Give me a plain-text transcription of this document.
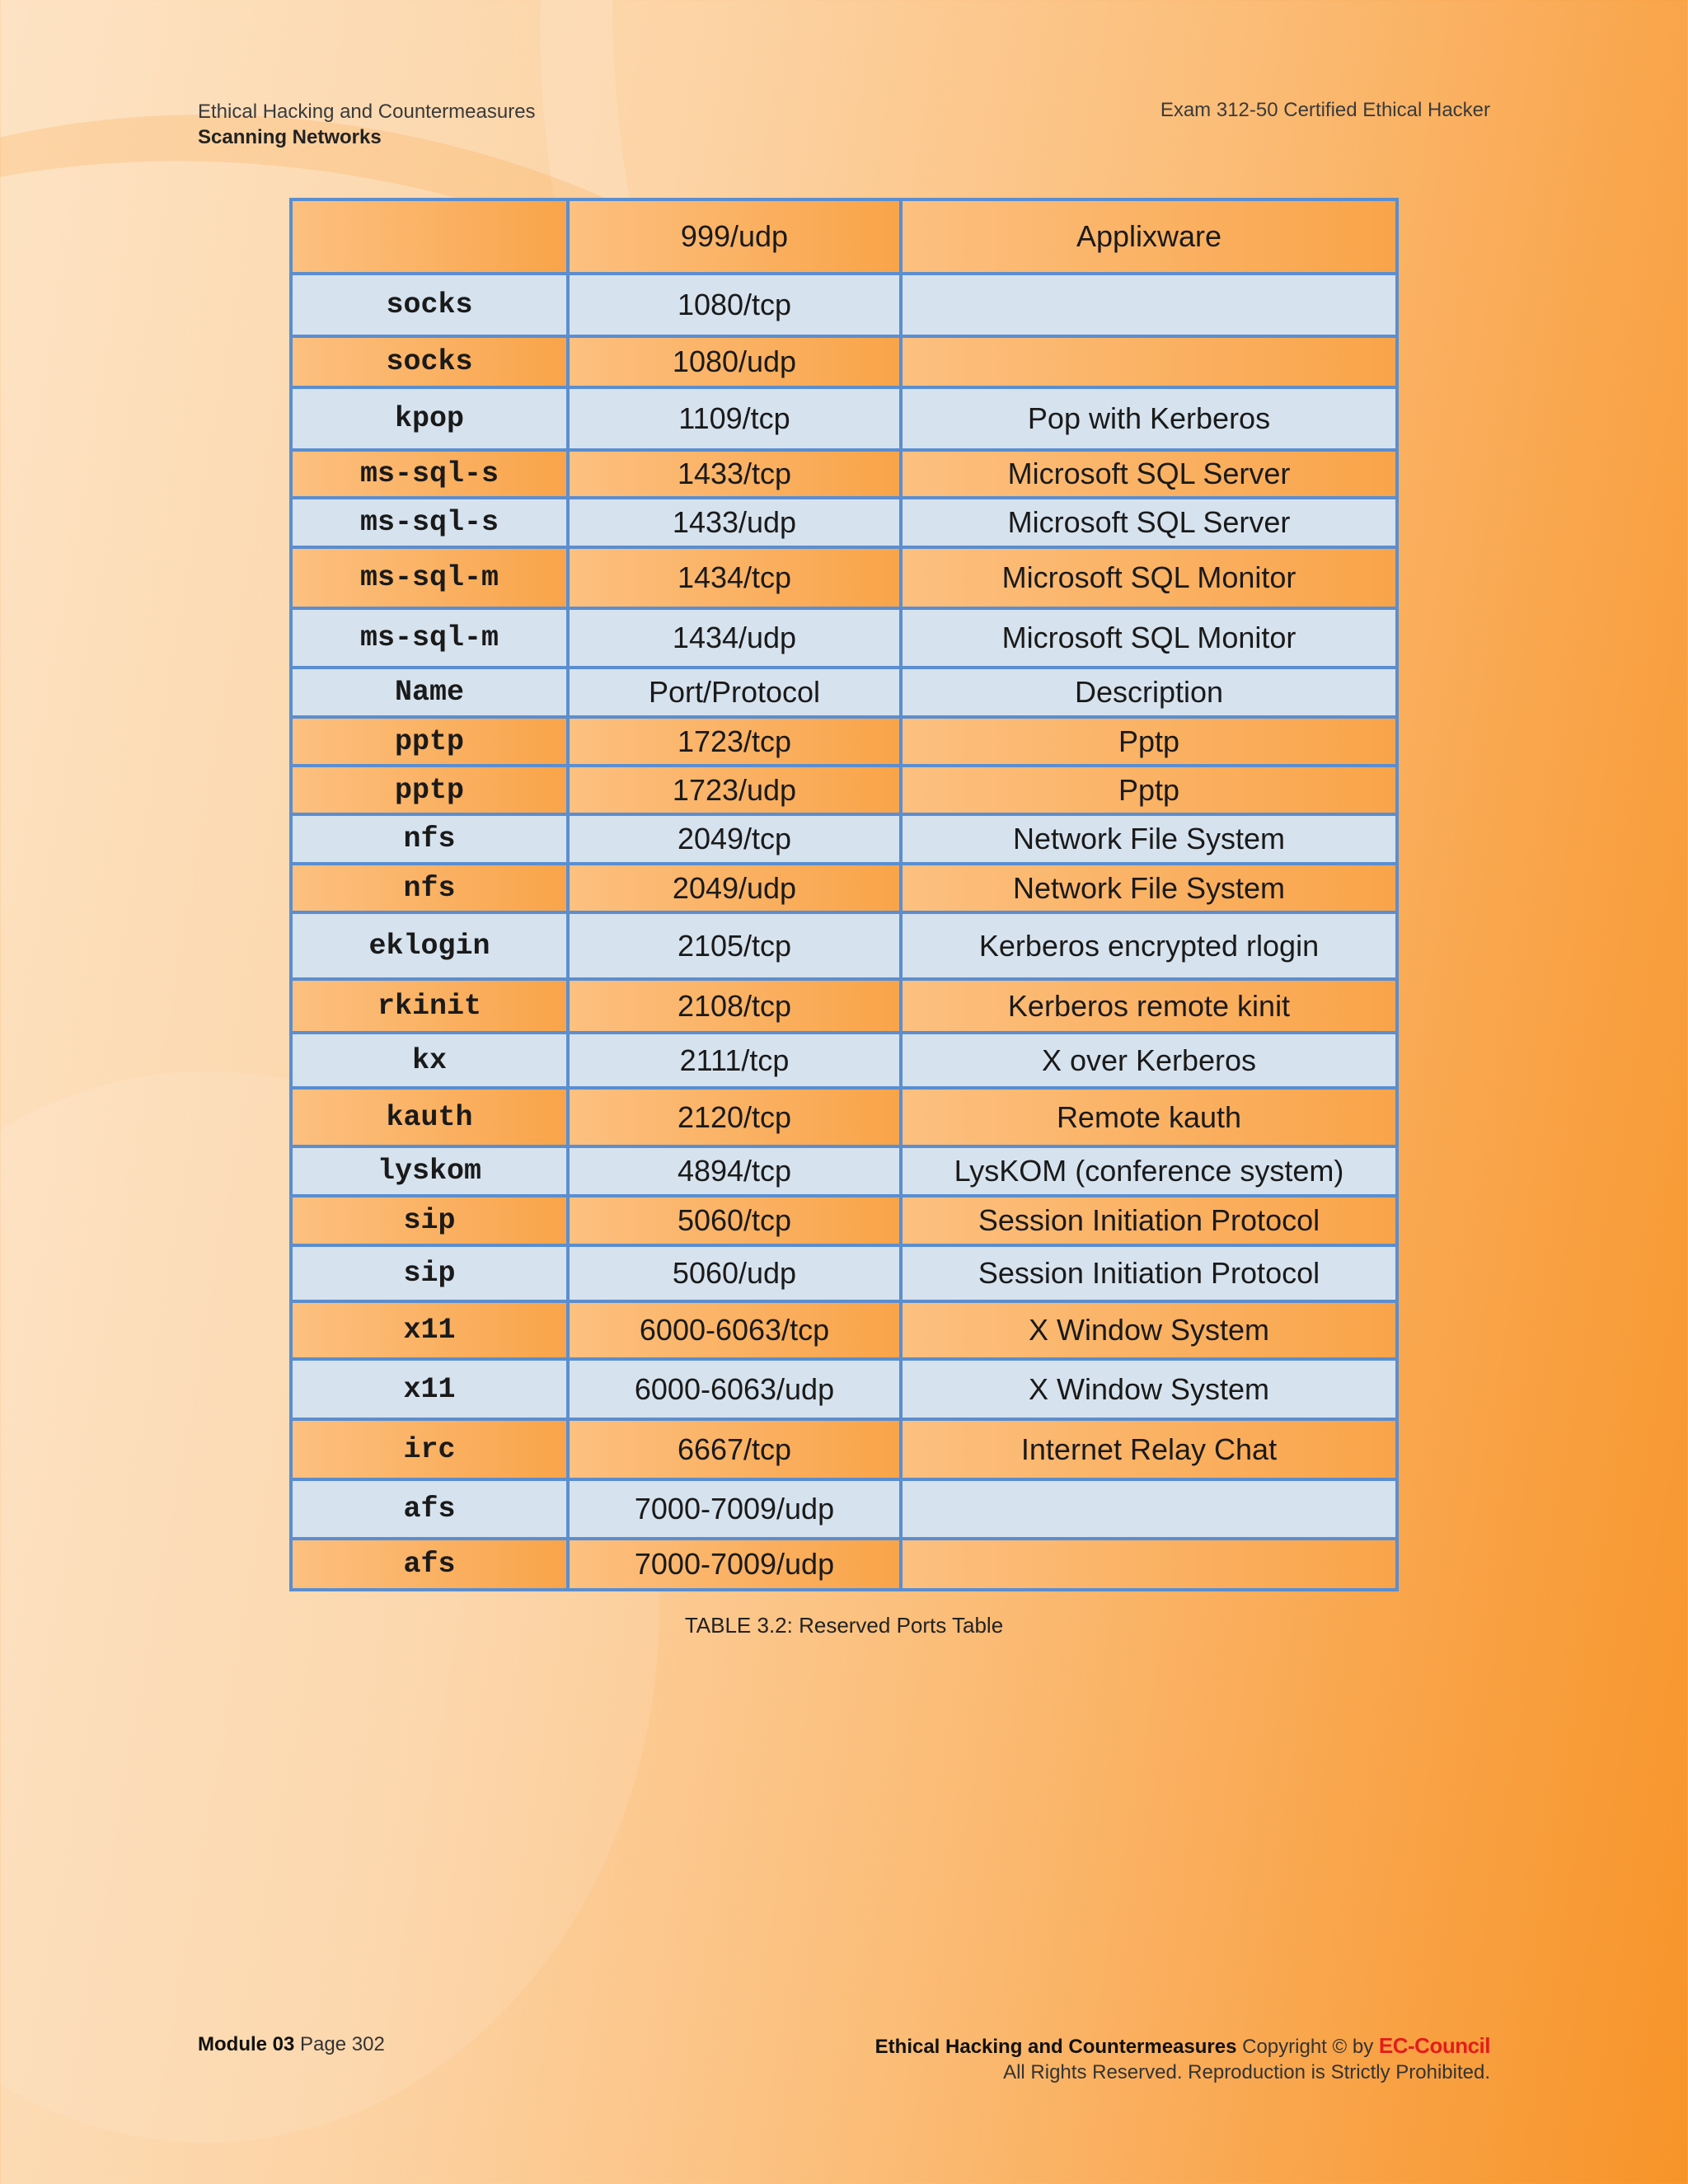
Ethical Hacking and Countermeasures
Scanning Networks
Exam 312-50 Certified Ethical Hacker
	999/udp	Applixware
socks	1080/tcp	
socks	1080/udp	
kpop	1109/tcp	Pop with Kerberos
ms-sql-s	1433/tcp	Microsoft SQL Server
ms-sql-s	1433/udp	Microsoft SQL Server
ms-sql-m	1434/tcp	Microsoft SQL Monitor
ms-sql-m	1434/udp	Microsoft SQL Monitor
Name	Port/Protocol	Description
pptp	1723/tcp	Pptp
pptp	1723/udp	Pptp
nfs	2049/tcp	Network File System
nfs	2049/udp	Network File System
eklogin	2105/tcp	Kerberos encrypted rlogin
rkinit	2108/tcp	Kerberos remote kinit
kx	2111/tcp	X over Kerberos
kauth	2120/tcp	Remote kauth
lyskom	4894/tcp	LysKOM (conference system)
sip	5060/tcp	Session Initiation Protocol
sip	5060/udp	Session Initiation Protocol
x11	6000-6063/tcp	X Window System
x11	6000-6063/udp	X Window System
irc	6667/tcp	Internet Relay Chat
afs	7000-7009/udp	
afs	7000-7009/udp	
TABLE 3.2: Reserved Ports Table
Module 03 Page 302	Ethical Hacking and Countermeasures Copyright © by EC-Council
All Rights Reserved. Reproduction is Strictly Prohibited.
